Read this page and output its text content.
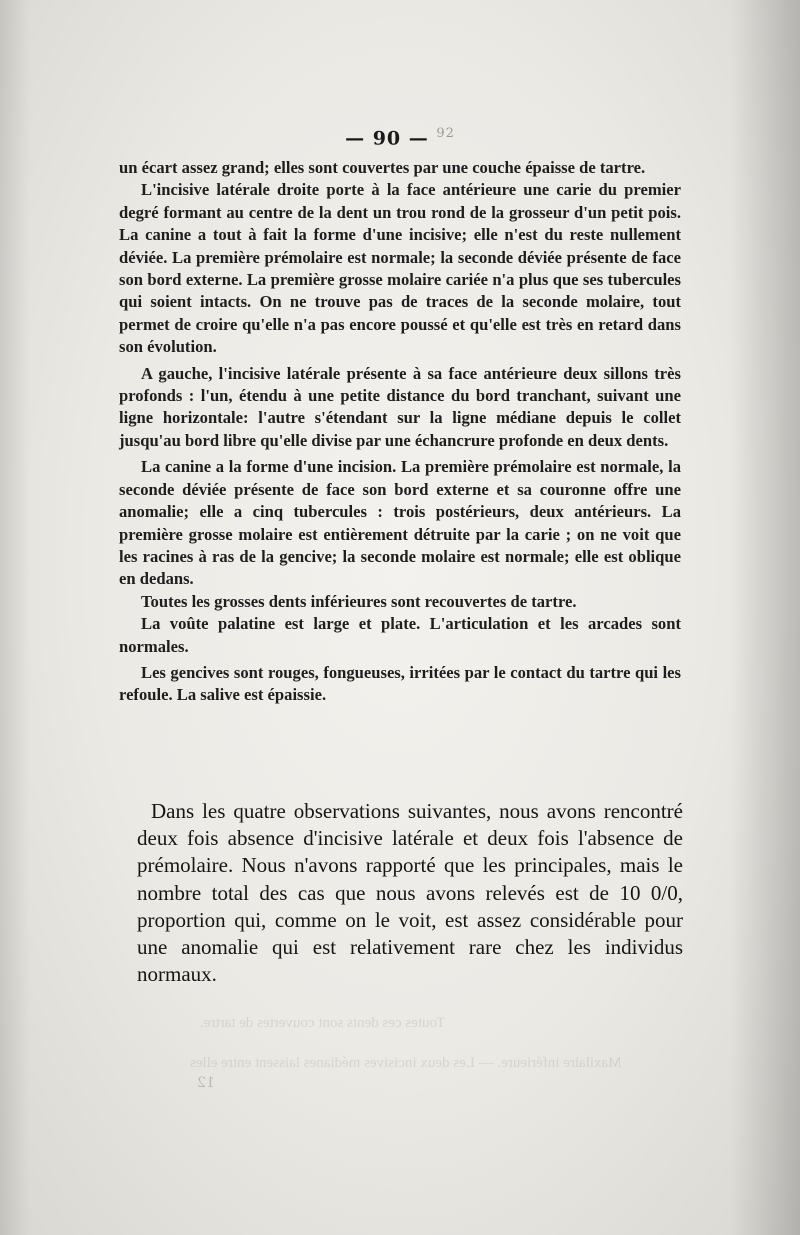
Maxilaire inférieure. — Les deux incisives médianes laissent entre elles
Toutes ces dents sont couvertes de tartre.
— 90 — $^{92}$

un écart assez grand; elles sont couvertes par une couche épaisse de tartre.

L'incisive latérale droite porte à la face antérieure une carie du premier degré formant au centre de la dent un trou rond de la grosseur d'un petit pois. La canine a tout à fait la forme d'une incisive; elle n'est du reste nullement déviée. La première prémolaire est normale; la seconde déviée présente de face son bord externe. La première grosse molaire cariée n'a plus que ses tubercules qui soient intacts. On ne trouve pas de traces de la seconde molaire, tout permet de croire qu'elle n'a pas encore poussé et qu'elle est très en retard dans son évolution.

A gauche, l'incisive latérale présente à sa face antérieure deux sillons très profonds : l'un, étendu à une petite distance du bord tranchant, suivant une ligne horizontale: l'autre s'étendant sur la ligne médiane depuis le collet jusqu'au bord libre qu'elle divise par une échancrure profonde en deux dents.

La canine a la forme d'une incision. La première prémolaire est normale, la seconde déviée présente de face son bord externe et sa couronne offre une anomalie; elle a cinq tubercules : trois postérieurs, deux antérieurs. La première grosse molaire est entièrement détruite par la carie ; on ne voit que les racines à ras de la gencive; la seconde molaire est normale; elle est oblique en dedans.

Toutes les grosses dents inférieures sont recouvertes de tartre.

La voûte palatine est large et plate. L'articulation et les arcades sont normales.

Les gencives sont rouges, fongueuses, irritées par le contact du tartre qui les refoule. La salive est épaissie.

Dans les quatre observations suivantes, nous avons rencontré deux fois absence d'incisive latérale et deux fois l'absence de prémolaire. Nous n'avons rapporté que les principales, mais le nombre total des cas que nous avons relevés est de 10 0/0, proportion qui, comme on le voit, est assez considérable pour une anomalie qui est relativement rare chez les individus normaux.

12
